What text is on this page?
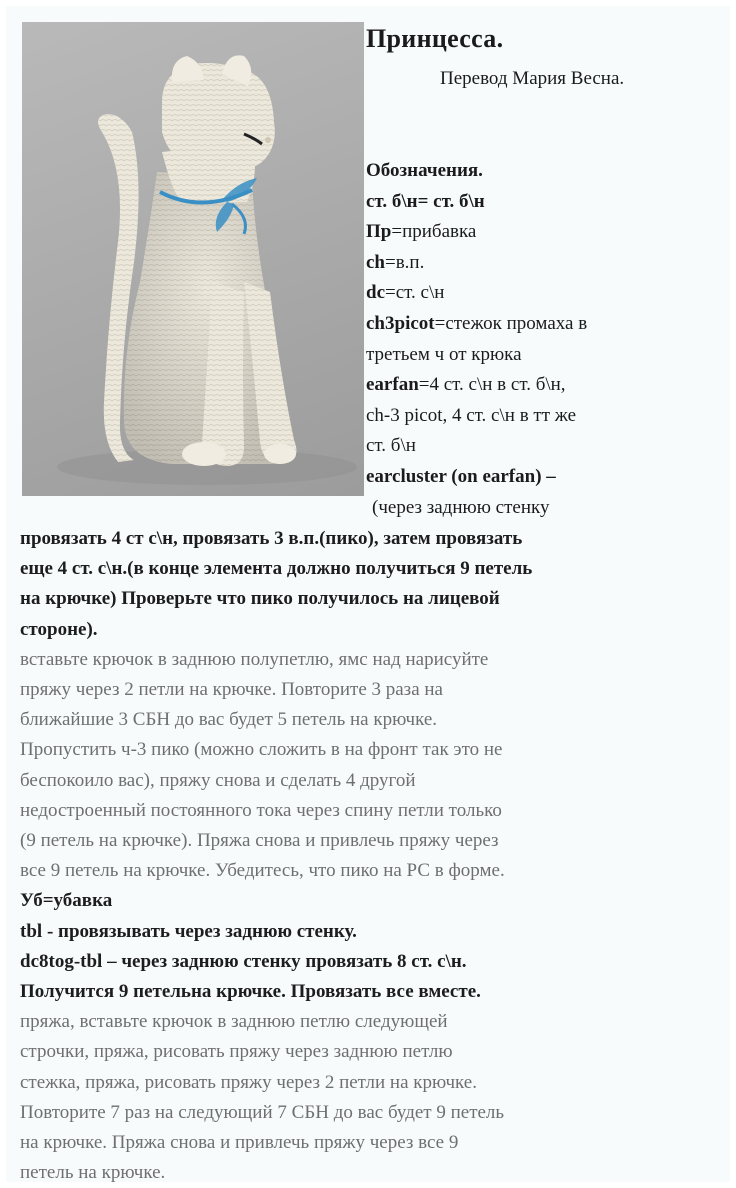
Принцесса.
Перевод Мария Весна.
Обозначения.
ст. б\н= ст. б\н
Пр=прибавка
ch=в.п.
dc=ст. с\н
ch3picot=стежок промаха в
третьем ч от крюка
earfan=4 ст. с\н в ст. б\н,
ch-3 picot, 4 ст. с\н в тт же
ст. б\н
earcluster (on earfan) –
(через заднюю стенку
провязать 4 ст с\н, провязать 3 в.п.(пико), затем провязать
еще 4 ст. с\н.(в конце элемента должно получиться 9 петель
на крючке) Проверьте что пико получилось на лицевой
стороне).
вставьте крючок в заднюю полупетлю, ямс над нарисуйте
пряжу через 2 петли на крючке. Повторите 3 раза на
ближайшие 3 СБН до вас будет 5 петель на крючке.
Пропустить ч-3 пико (можно сложить в на фронт так это не
беспокоило вас), пряжу снова и сделать 4 другой
недостроенный постоянного тока через спину петли только
(9 петель на крючке). Пряжа снова и привлечь пряжу через
все 9 петель на крючке. Убедитесь, что пико на РС в форме.
Уб=убавка
tbl - провязывать через заднюю стенку.
dc8tog-tbl – через заднюю стенку провязать 8 ст. с\н.
Получится 9 петельна крючке. Провязать все вместе.
пряжа, вставьте крючок в заднюю петлю следующей
строчки, пряжа, рисовать пряжу через заднюю петлю
стежка, пряжа, рисовать пряжу через 2 петли на крючке.
Повторите 7 раз на следующий 7 СБН до вас будет 9 петель
на крючке. Пряжа снова и привлечь пряжу через все 9
петель на крючке.
